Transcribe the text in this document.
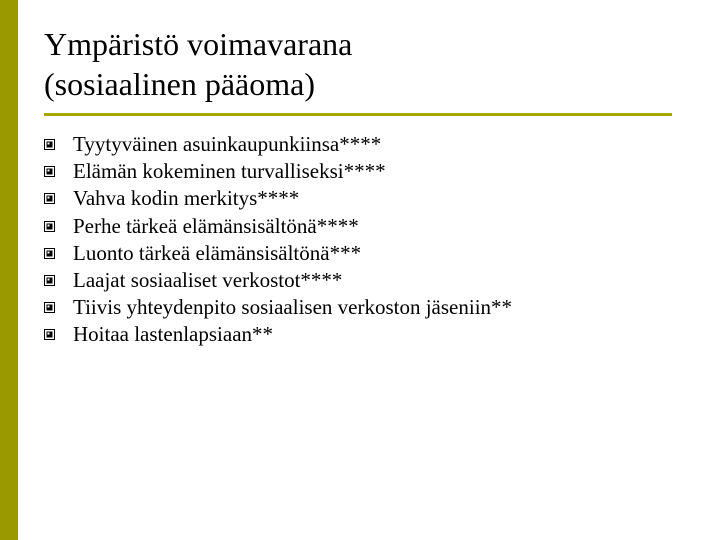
Ympäristö voimavarana
(sosiaalinen pääoma)
Tyytyväinen asuinkaupunkiinsa****
Elämän kokeminen turvalliseksi****
Vahva kodin merkitys****
Perhe tärkeä elämänsisältönä****
Luonto tärkeä elämänsisältönä***
Laajat sosiaaliset verkostot****
Tiivis yhteydenpito sosiaalisen verkoston jäseniin**
Hoitaa lastenlapsiaan**
